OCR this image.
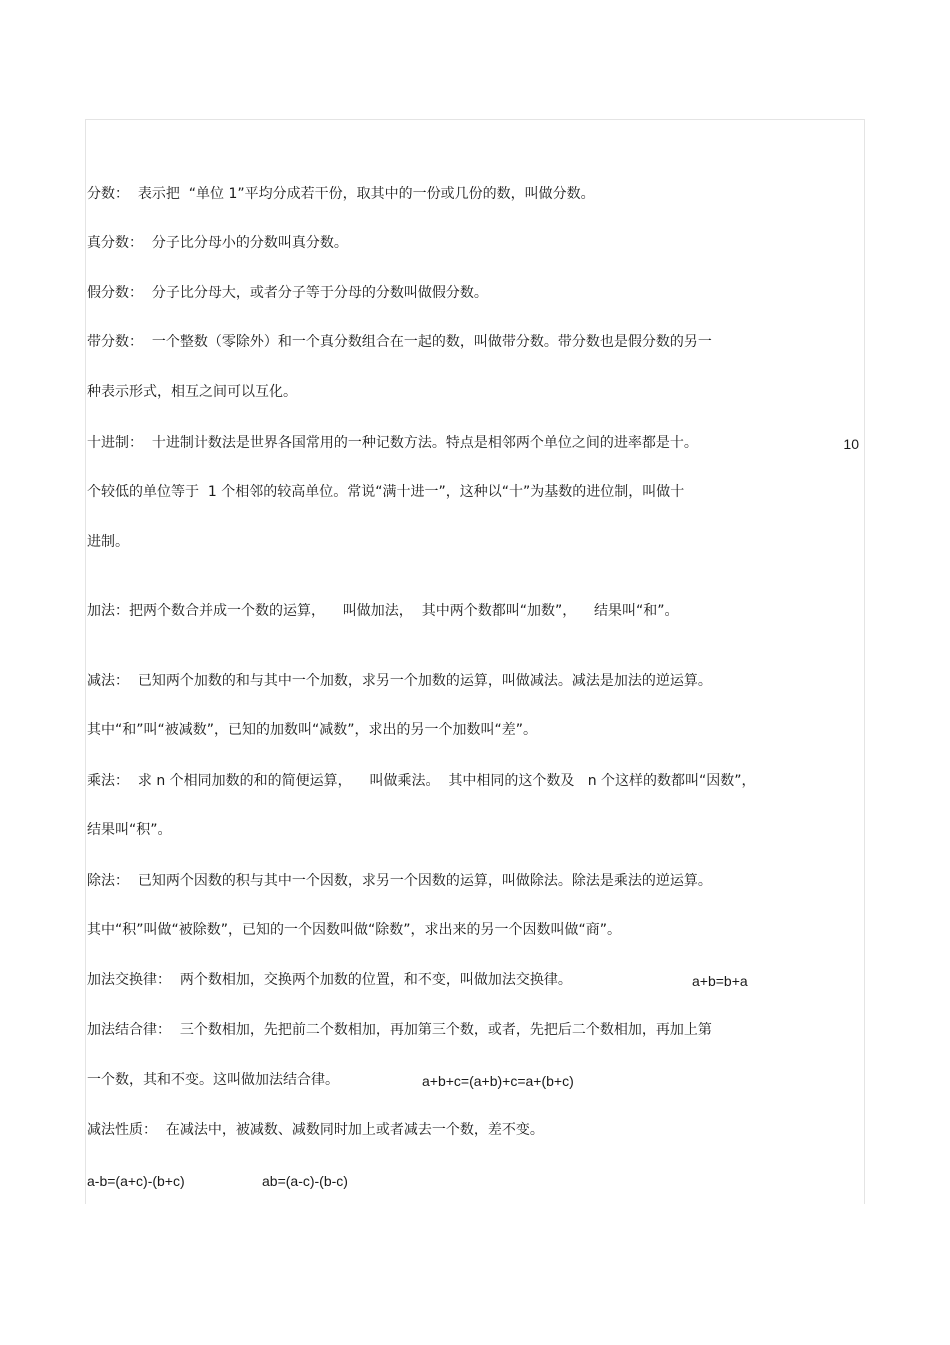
分数：  表示把  “单位 1”平均分成若干份，取其中的一份或几份的数，叫做分数。
真分数：  分子比分母小的分数叫真分数。
假分数：  分子比分母大，或者分子等于分母的分数叫做假分数。
带分数：  一个整数（零除外）和一个真分数组合在一起的数，叫做带分数。带分数也是假分数的另一
种表示形式，相互之间可以互化。
十进制：  十进制计数法是世界各国常用的一种记数方法。特点是相邻两个单位之间的进率都是十。	10
个较低的单位等于  1 个相邻的较高单位。常说“满十进一”，这种以“十”为基数的进位制，叫做十
进制。
加法：把两个数合并成一个数的运算，    叫做加法，  其中两个数都叫“加数”，    结果叫“和”。
减法：  已知两个加数的和与其中一个加数，求另一个加数的运算，叫做减法。减法是加法的逆运算。
其中“和”叫“被减数”，已知的加数叫“减数”，求出的另一个加数叫“差”。
乘法：  求 n 个相同加数的和的简便运算，    叫做乘法。  其中相同的这个数及   n 个这样的数都叫“因数”，
结果叫“积”。
除法：  已知两个因数的积与其中一个因数，求另一个因数的运算，叫做除法。除法是乘法的逆运算。
其中“积”叫做“被除数”，已知的一个因数叫做“除数”，求出来的另一个因数叫做“商”。
加法交换律：  两个数相加，交换两个加数的位置，和不变，叫做加法交换律。	a+b=b+a
加法结合律：  三个数相加，先把前二个数相加，再加第三个数，或者，先把后二个数相加，再加上第
一个数，其和不变。这叫做加法结合律。	a+b+c=(a+b)+c=a+(b+c)
减法性质：  在减法中，被减数、减数同时加上或者减去一个数，差不变。
a-b=(a+c)-(b+c)	ab=(a-c)-(b-c)
